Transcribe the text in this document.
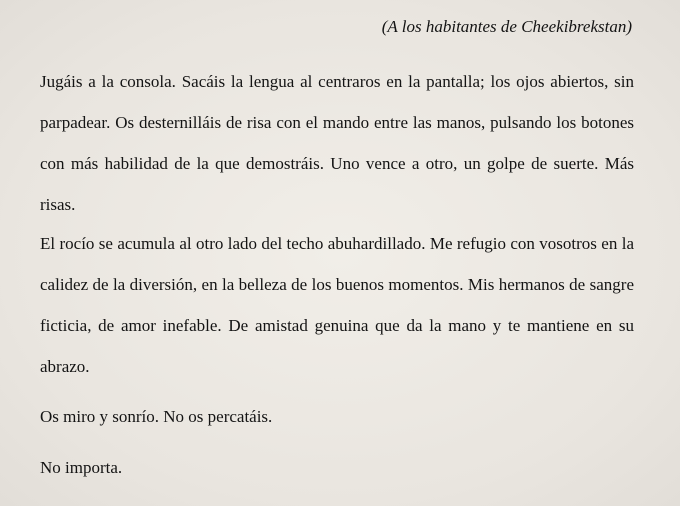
(A los habitantes de Cheekibrekstan)

Jugáis a la consola. Sacáis la lengua al centraros en la pantalla; los ojos abiertos, sin parpadear. Os desternilláis de risa con el mando entre las manos, pulsando los botones con más habilidad de la que demostráis. Uno vence a otro, un golpe de suerte. Más risas.

El rocío se acumula al otro lado del techo abuhardillado. Me refugio con vosotros en la calidez de la diversión, en la belleza de los buenos momentos. Mis hermanos de sangre ficticia, de amor inefable. De amistad genuina que da la mano y te mantiene en su abrazo.

Os miro y sonrío. No os percatáis.

No importa.
